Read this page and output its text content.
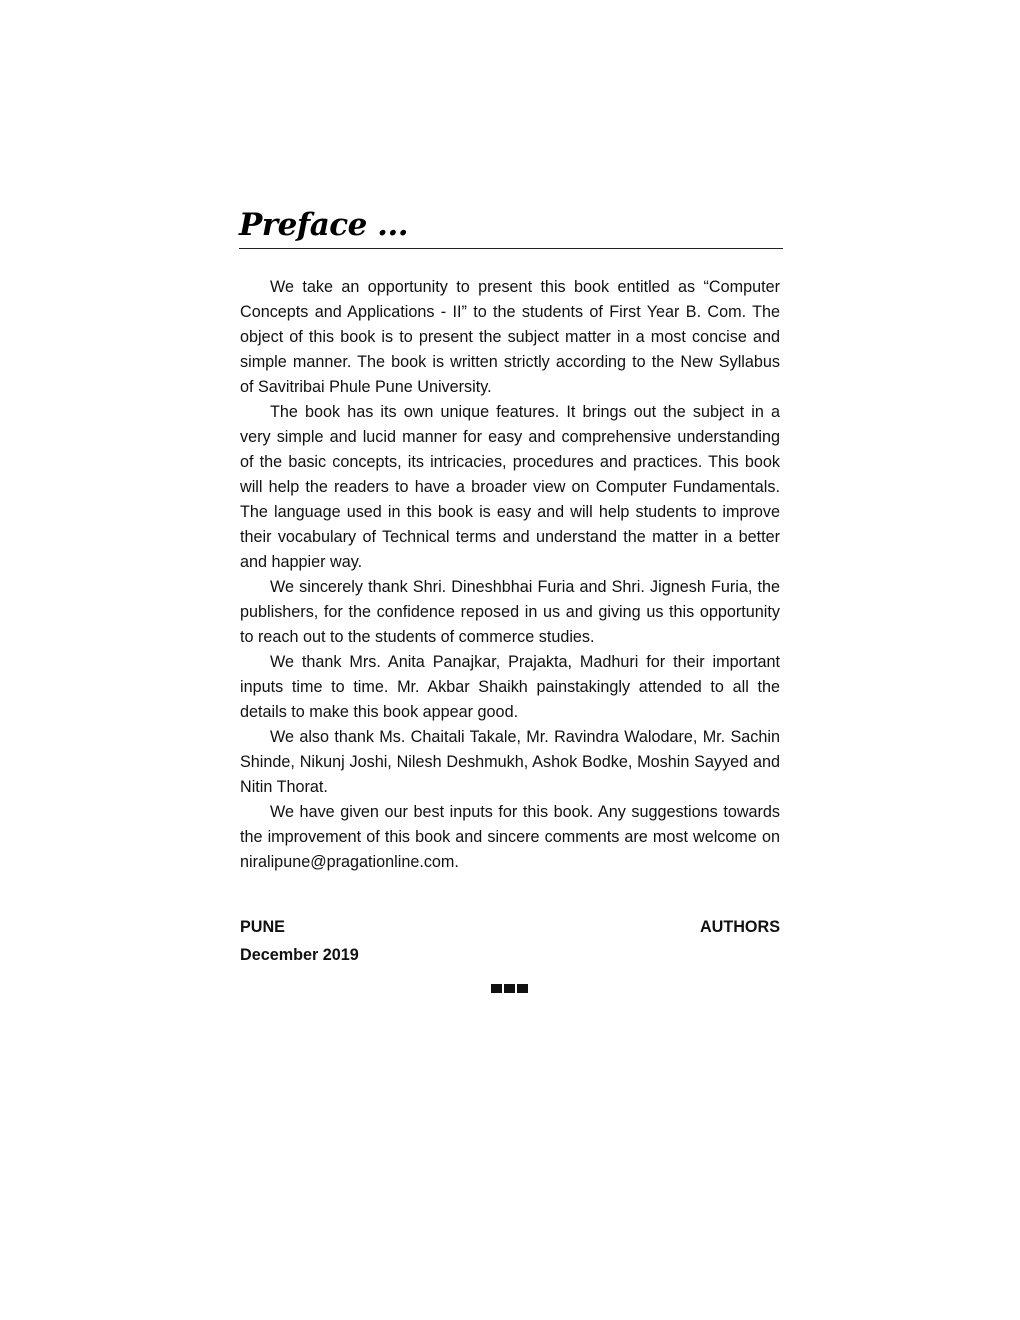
Preface ...

We take an opportunity to present this book entitled as “Computer Concepts and Applications - II” to the students of First Year B. Com. The object of this book is to present the subject matter in a most concise and simple manner. The book is written strictly according to the New Syllabus of Savitribai Phule Pune University.

The book has its own unique features. It brings out the subject in a very simple and lucid manner for easy and comprehensive understanding of the basic concepts, its intricacies, procedures and practices. This book will help the readers to have a broader view on Computer Fundamentals. The language used in this book is easy and will help students to improve their vocabulary of Technical terms and understand the matter in a better and happier way.

We sincerely thank Shri. Dineshbhai Furia and Shri. Jignesh Furia, the publishers, for the confidence reposed in us and giving us this opportunity to reach out to the students of commerce studies.

We thank Mrs. Anita Panajkar, Prajakta, Madhuri for their important inputs time to time. Mr. Akbar Shaikh painstakingly attended to all the details to make this book appear good.

We also thank Ms. Chaitali Takale, Mr. Ravindra Walodare, Mr. Sachin Shinde, Nikunj Joshi, Nilesh Deshmukh, Ashok Bodke, Moshin Sayyed and Nitin Thorat.

We have given our best inputs for this book. Any suggestions towards the improvement of this book and sincere comments are most welcome on niralipune@pragationline.com.

PUNE	AUTHORS
December 2019
